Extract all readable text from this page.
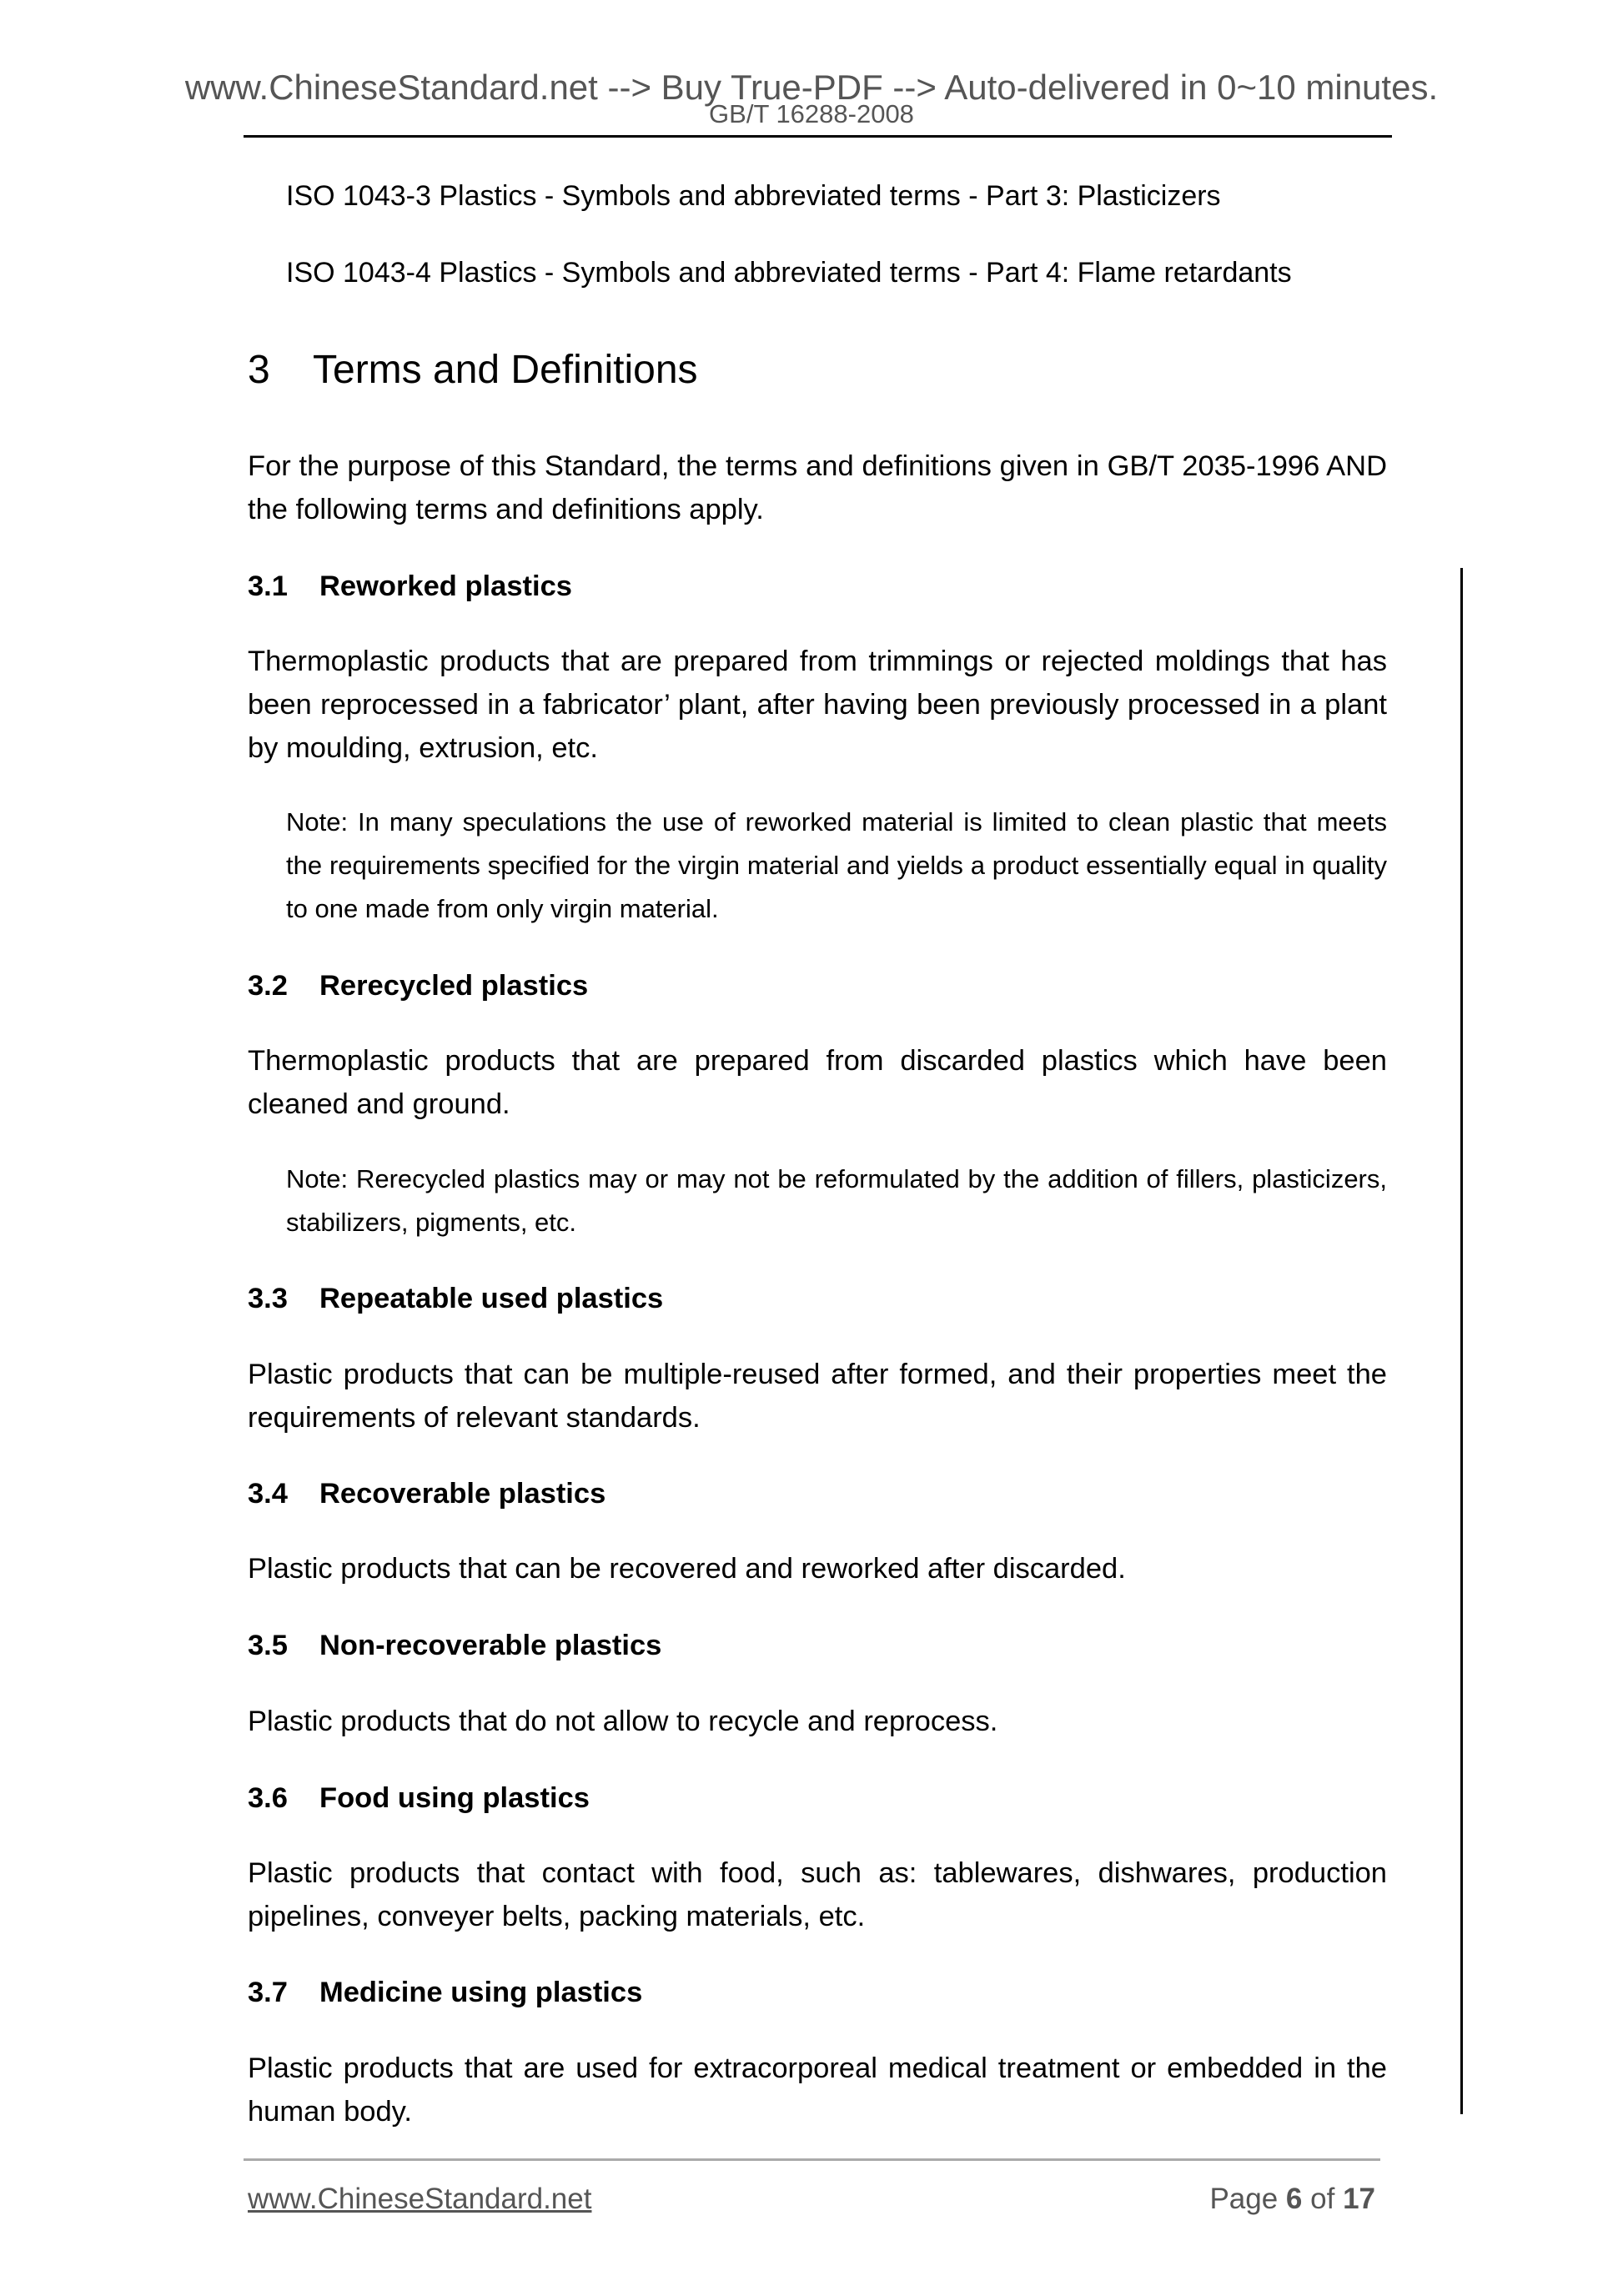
www.ChineseStandard.net --> Buy True-PDF --> Auto-delivered in 0~10 minutes.
GB/T 16288-2008
ISO 1043-3 Plastics - Symbols and abbreviated terms - Part 3: Plasticizers
ISO 1043-4 Plastics - Symbols and abbreviated terms - Part 4: Flame retardants
3 Terms and Definitions
For the purpose of this Standard, the terms and definitions given in GB/T 2035-1996 AND the following terms and definitions apply.
3.1 Reworked plastics
Thermoplastic products that are prepared from trimmings or rejected moldings that has been reprocessed in a fabricator’ plant, after having been previously processed in a plant by moulding, extrusion, etc.
Note: In many speculations the use of reworked material is limited to clean plastic that meets the requirements specified for the virgin material and yields a product essentially equal in quality to one made from only virgin material.
3.2 Rerecycled plastics
Thermoplastic products that are prepared from discarded plastics which have been cleaned and ground.
Note: Rerecycled plastics may or may not be reformulated by the addition of fillers, plasticizers, stabilizers, pigments, etc.
3.3 Repeatable used plastics
Plastic products that can be multiple-reused after formed, and their properties meet the requirements of relevant standards.
3.4 Recoverable plastics
Plastic products that can be recovered and reworked after discarded.
3.5 Non-recoverable plastics
Plastic products that do not allow to recycle and reprocess.
3.6 Food using plastics
Plastic products that contact with food, such as: tablewares, dishwares, production pipelines, conveyer belts, packing materials, etc.
3.7 Medicine using plastics
Plastic products that are used for extracorporeal medical treatment or embedded in the human body.
www.ChineseStandard.net	Page 6 of 17
